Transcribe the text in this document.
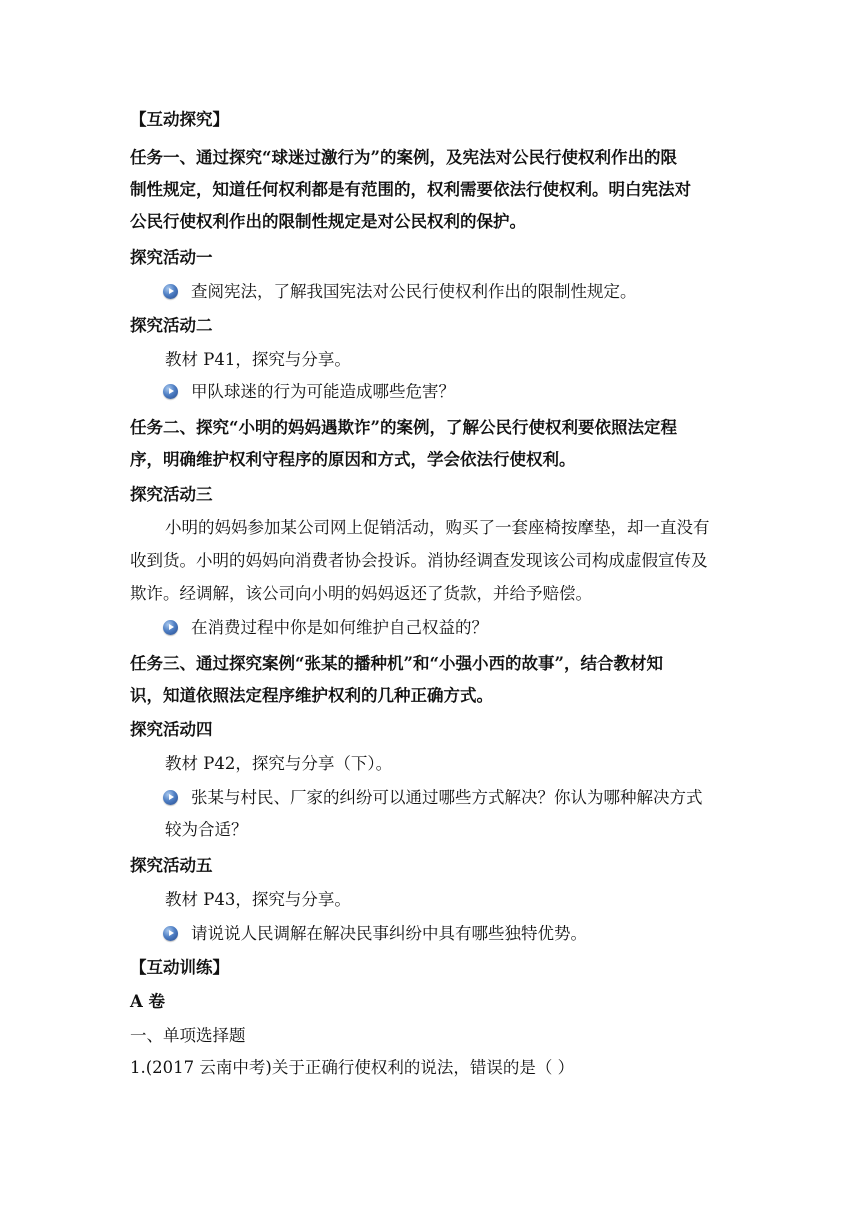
【互动探究】
任务一、通过探究“球迷过激行为”的案例，及宪法对公民行使权利作出的限
制性规定，知道任何权利都是有范围的，权利需要依法行使权利。明白宪法对
公民行使权利作出的限制性规定是对公民权利的保护。
探究活动一
查阅宪法，了解我国宪法对公民行使权利作出的限制性规定。
探究活动二
教材 P41，探究与分享。
甲队球迷的行为可能造成哪些危害？
任务二、探究“小明的妈妈遇欺诈”的案例，了解公民行使权利要依照法定程
序，明确维护权利守程序的原因和方式，学会依法行使权利。
探究活动三
小明的妈妈参加某公司网上促销活动，购买了一套座椅按摩垫，却一直没有
收到货。小明的妈妈向消费者协会投诉。消协经调查发现该公司构成虚假宣传及
欺诈。经调解，该公司向小明的妈妈返还了货款，并给予赔偿。
在消费过程中你是如何维护自己权益的？
任务三、通过探究案例“张某的播种机”和“小强小西的故事”，结合教材知
识，知道依照法定程序维护权利的几种正确方式。
探究活动四
教材 P42，探究与分享（下）。
张某与村民、厂家的纠纷可以通过哪些方式解决？你认为哪种解决方式
较为合适？
探究活动五
教材 P43，探究与分享。
请说说人民调解在解决民事纠纷中具有哪些独特优势。
【互动训练】
A 卷
一、单项选择题
1.(2017 云南中考)关于正确行使权利的说法，错误的是（ ）
